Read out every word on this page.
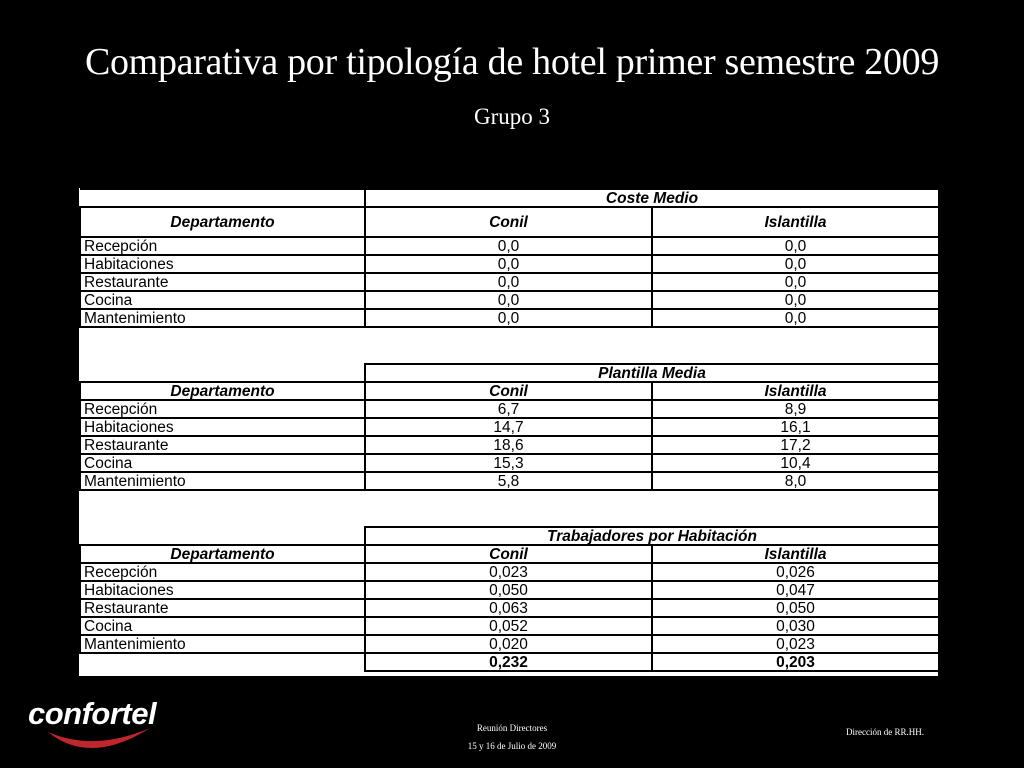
Comparativa por tipología de hotel primer semestre 2009
Grupo 3
	Coste Medio	
Departamento	Conil	Islantilla
Recepción	0,0	0,0
Habitaciones	0,0	0,0
Restaurante	0,0	0,0
Cocina	0,0	0,0
Mantenimiento	0,0	0,0

	Plantilla Media	
Departamento	Conil	Islantilla
Recepción	6,7	8,9
Habitaciones	14,7	16,1
Restaurante	18,6	17,2
Cocina	15,3	10,4
Mantenimiento	5,8	8,0

	Trabajadores por Habitación	
Departamento	Conil	Islantilla
Recepción	0,023	0,026
Habitaciones	0,050	0,047
Restaurante	0,063	0,050
Cocina	0,052	0,030
Mantenimiento	0,020	0,023
	0,232	0,203
confortel	Reunión Directores
15 y 16 de Julio de 2009
Dirección de RR.HH.
